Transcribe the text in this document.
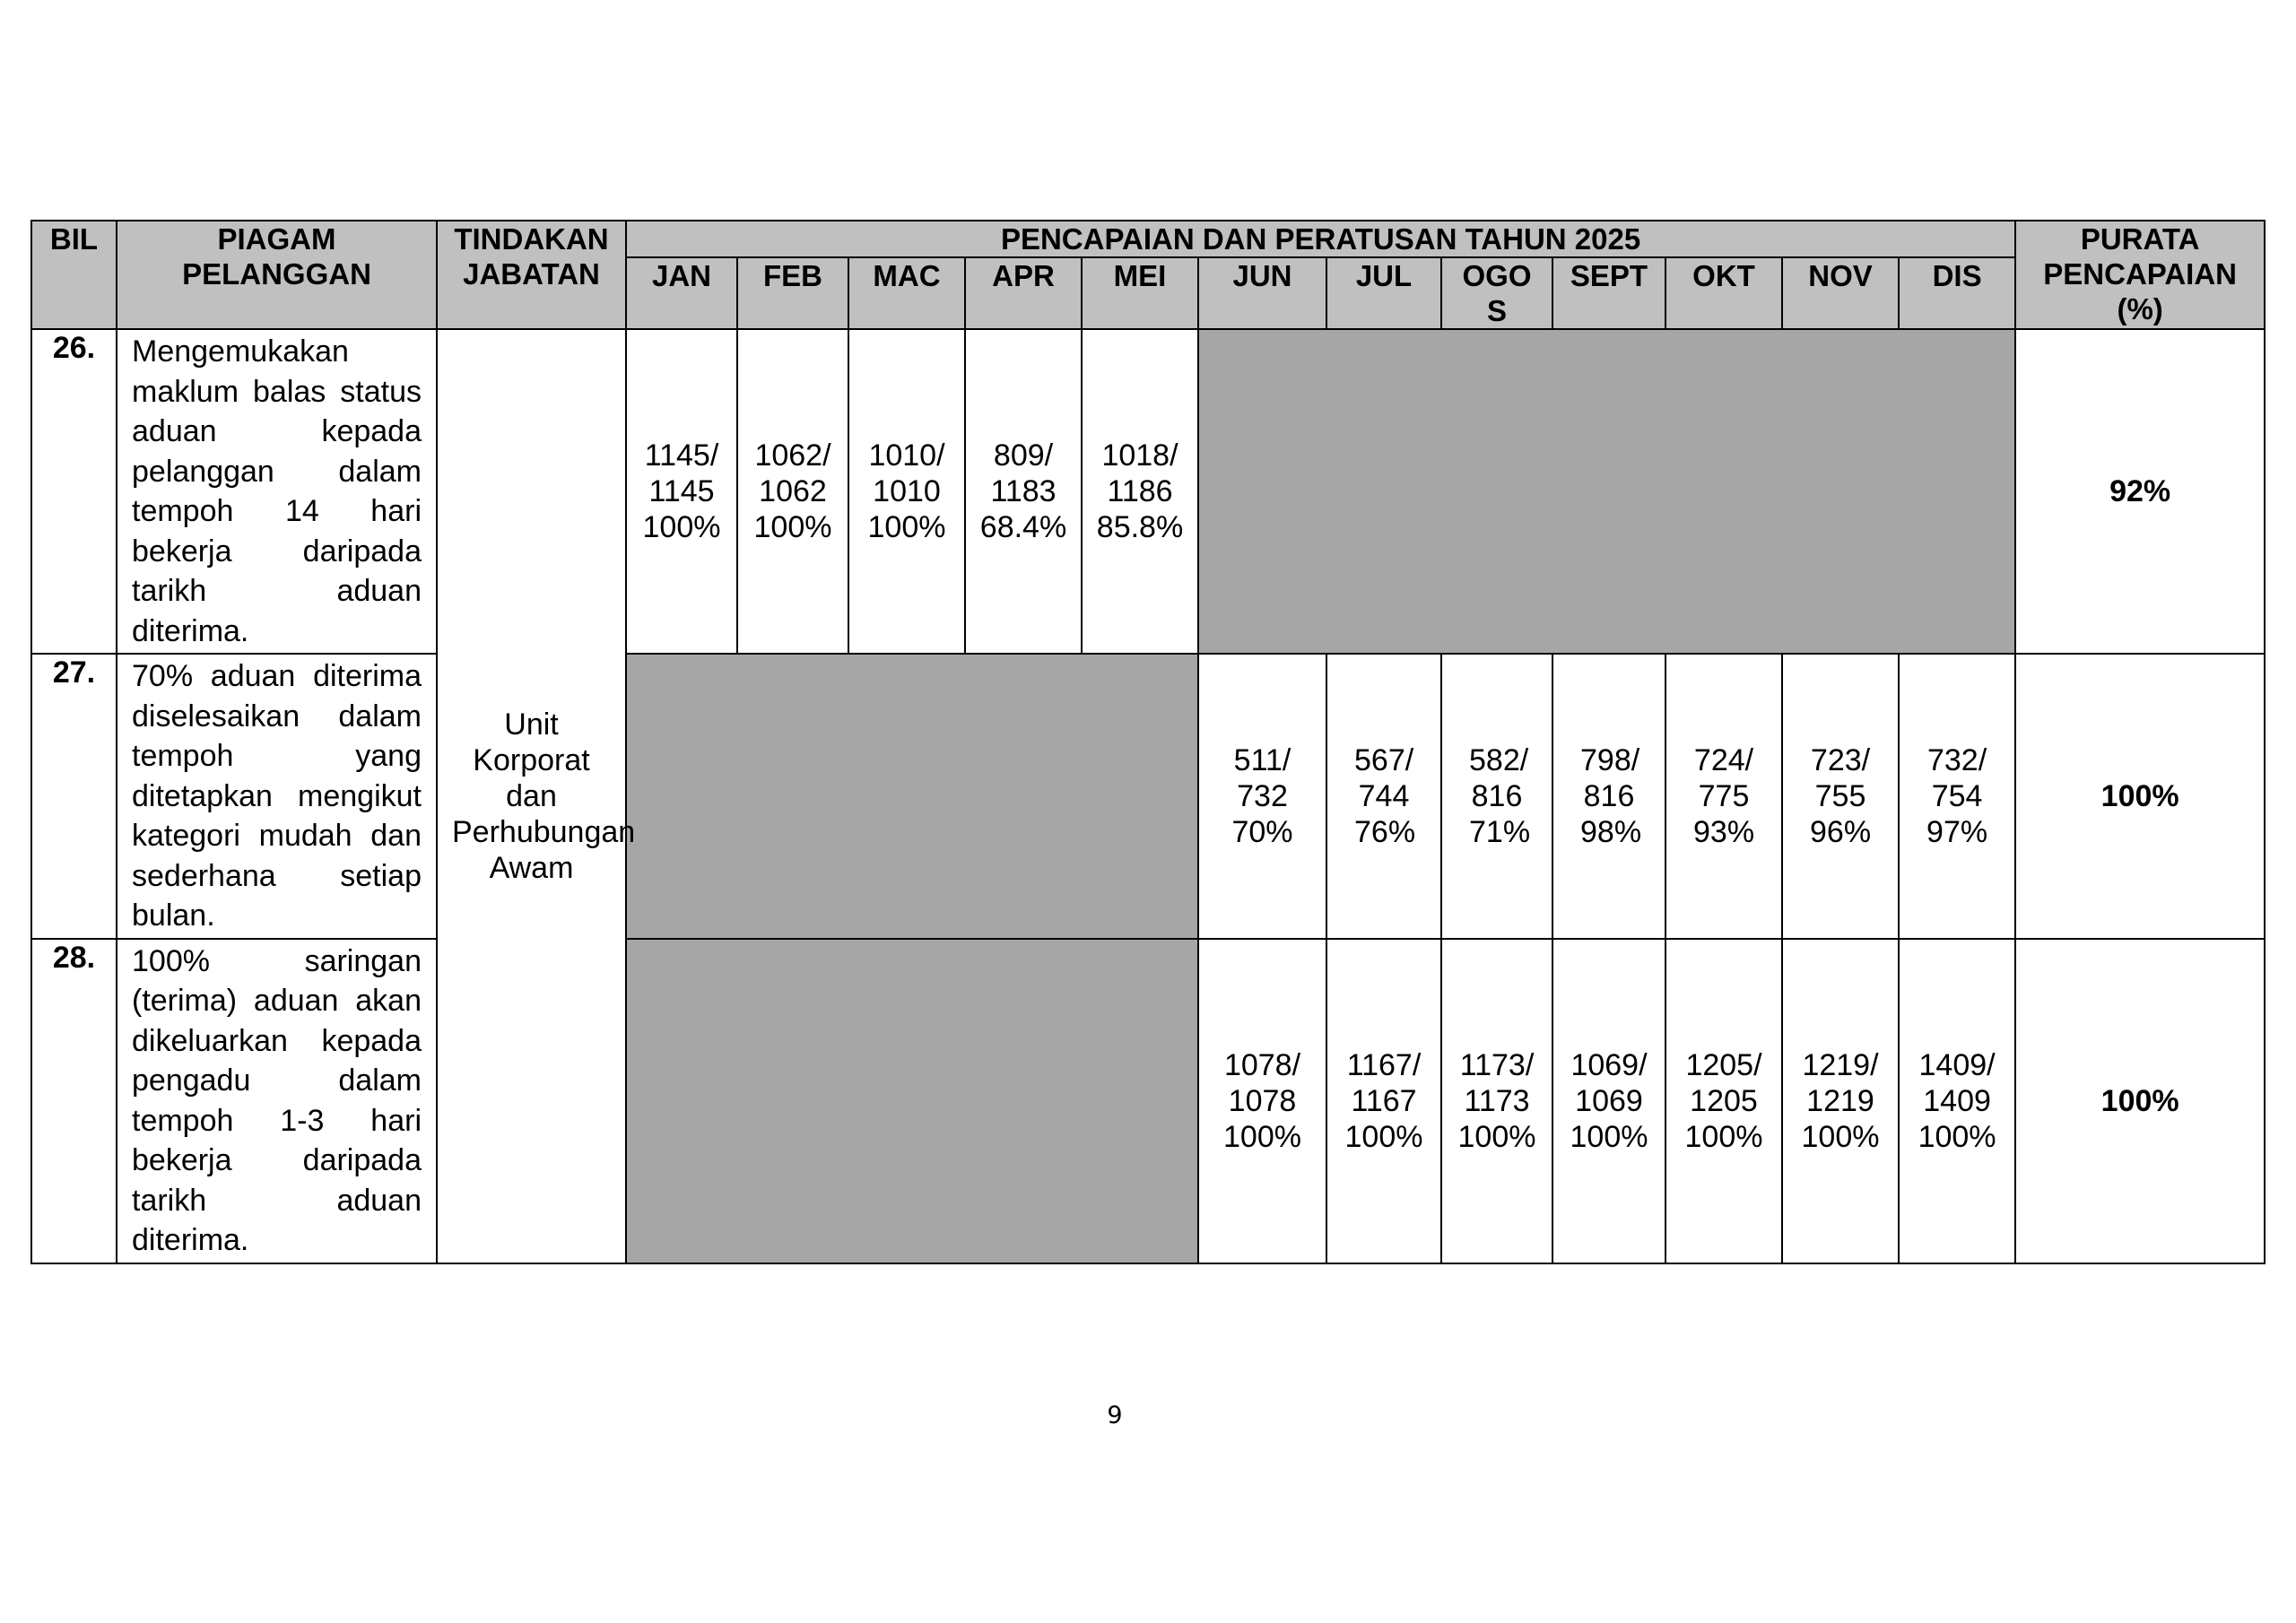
BIL	PIAGAM PELANGGAN	TINDAKAN JABATAN	PENCAPAIAN DAN PERATUSAN TAHUN 2025												PURATA PENCAPAIAN (%)
			JAN	FEB	MAC	APR	MEI	JUN	JUL	OGOS	SEPT	OKT	NOV	DIS	
26.	Mengemukakan maklum balas status aduan kepada pelanggan dalam tempoh 14 hari bekerja daripada tarikh aduan diterima.	Unit Korporat dan Perhubungan Awam	1145/ 1145 100%	1062/ 1062 100%	1010/ 1010 100%	809/ 1183 68.4%	1018/ 1186 85.8%								92%
27.	70% aduan diterima diselesaikan dalam tempoh yang ditetapkan mengikut kategori mudah dan sederhana setiap bulan.							511/ 732 70%	567/ 744 76%	582/ 816 71%	798/ 816 98%	724/ 775 93%	723/ 755 96%	732/ 754 97%	100%
28.	100% saringan (terima) aduan akan dikeluarkan kepada pengadu dalam tempoh 1-3 hari bekerja daripada tarikh aduan diterima.							1078/ 1078 100%	1167/ 1167 100%	1173/ 1173 100%	1069/ 1069 100%	1205/ 1205 100%	1219/ 1219 100%	1409/ 1409 100%	100%
9
